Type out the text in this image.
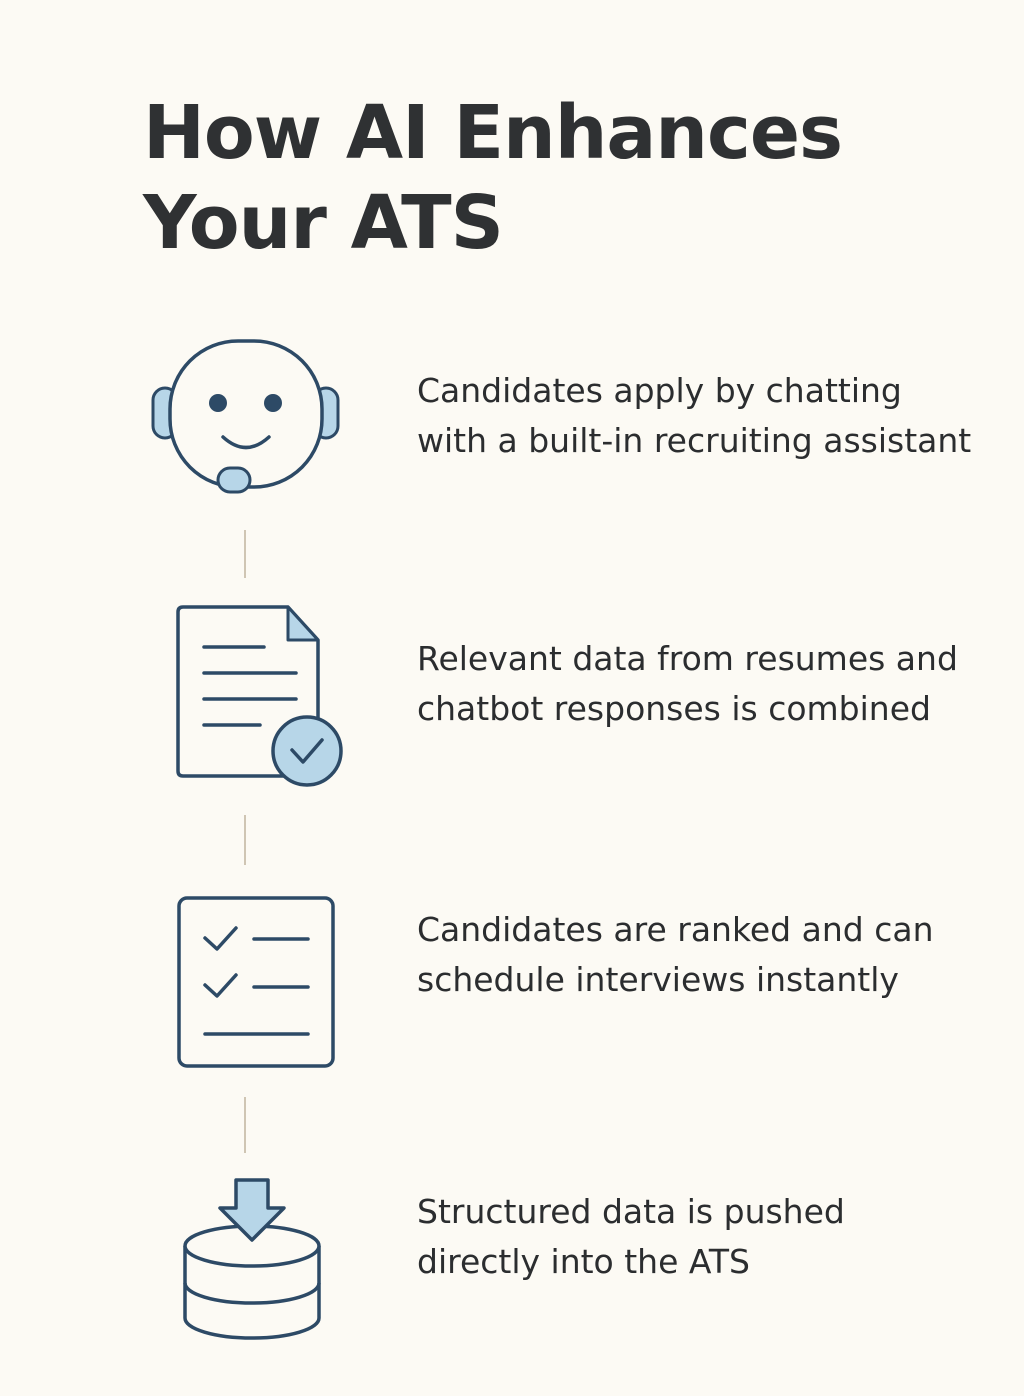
How AI Enhances Your ATS

Candidates apply by chatting with a built-in recruiting assistant

Relevant data from resumes and chatbot responses is combined

Candidates are ranked and can schedule interviews instantly

Structured data is pushed directly into the ATS
